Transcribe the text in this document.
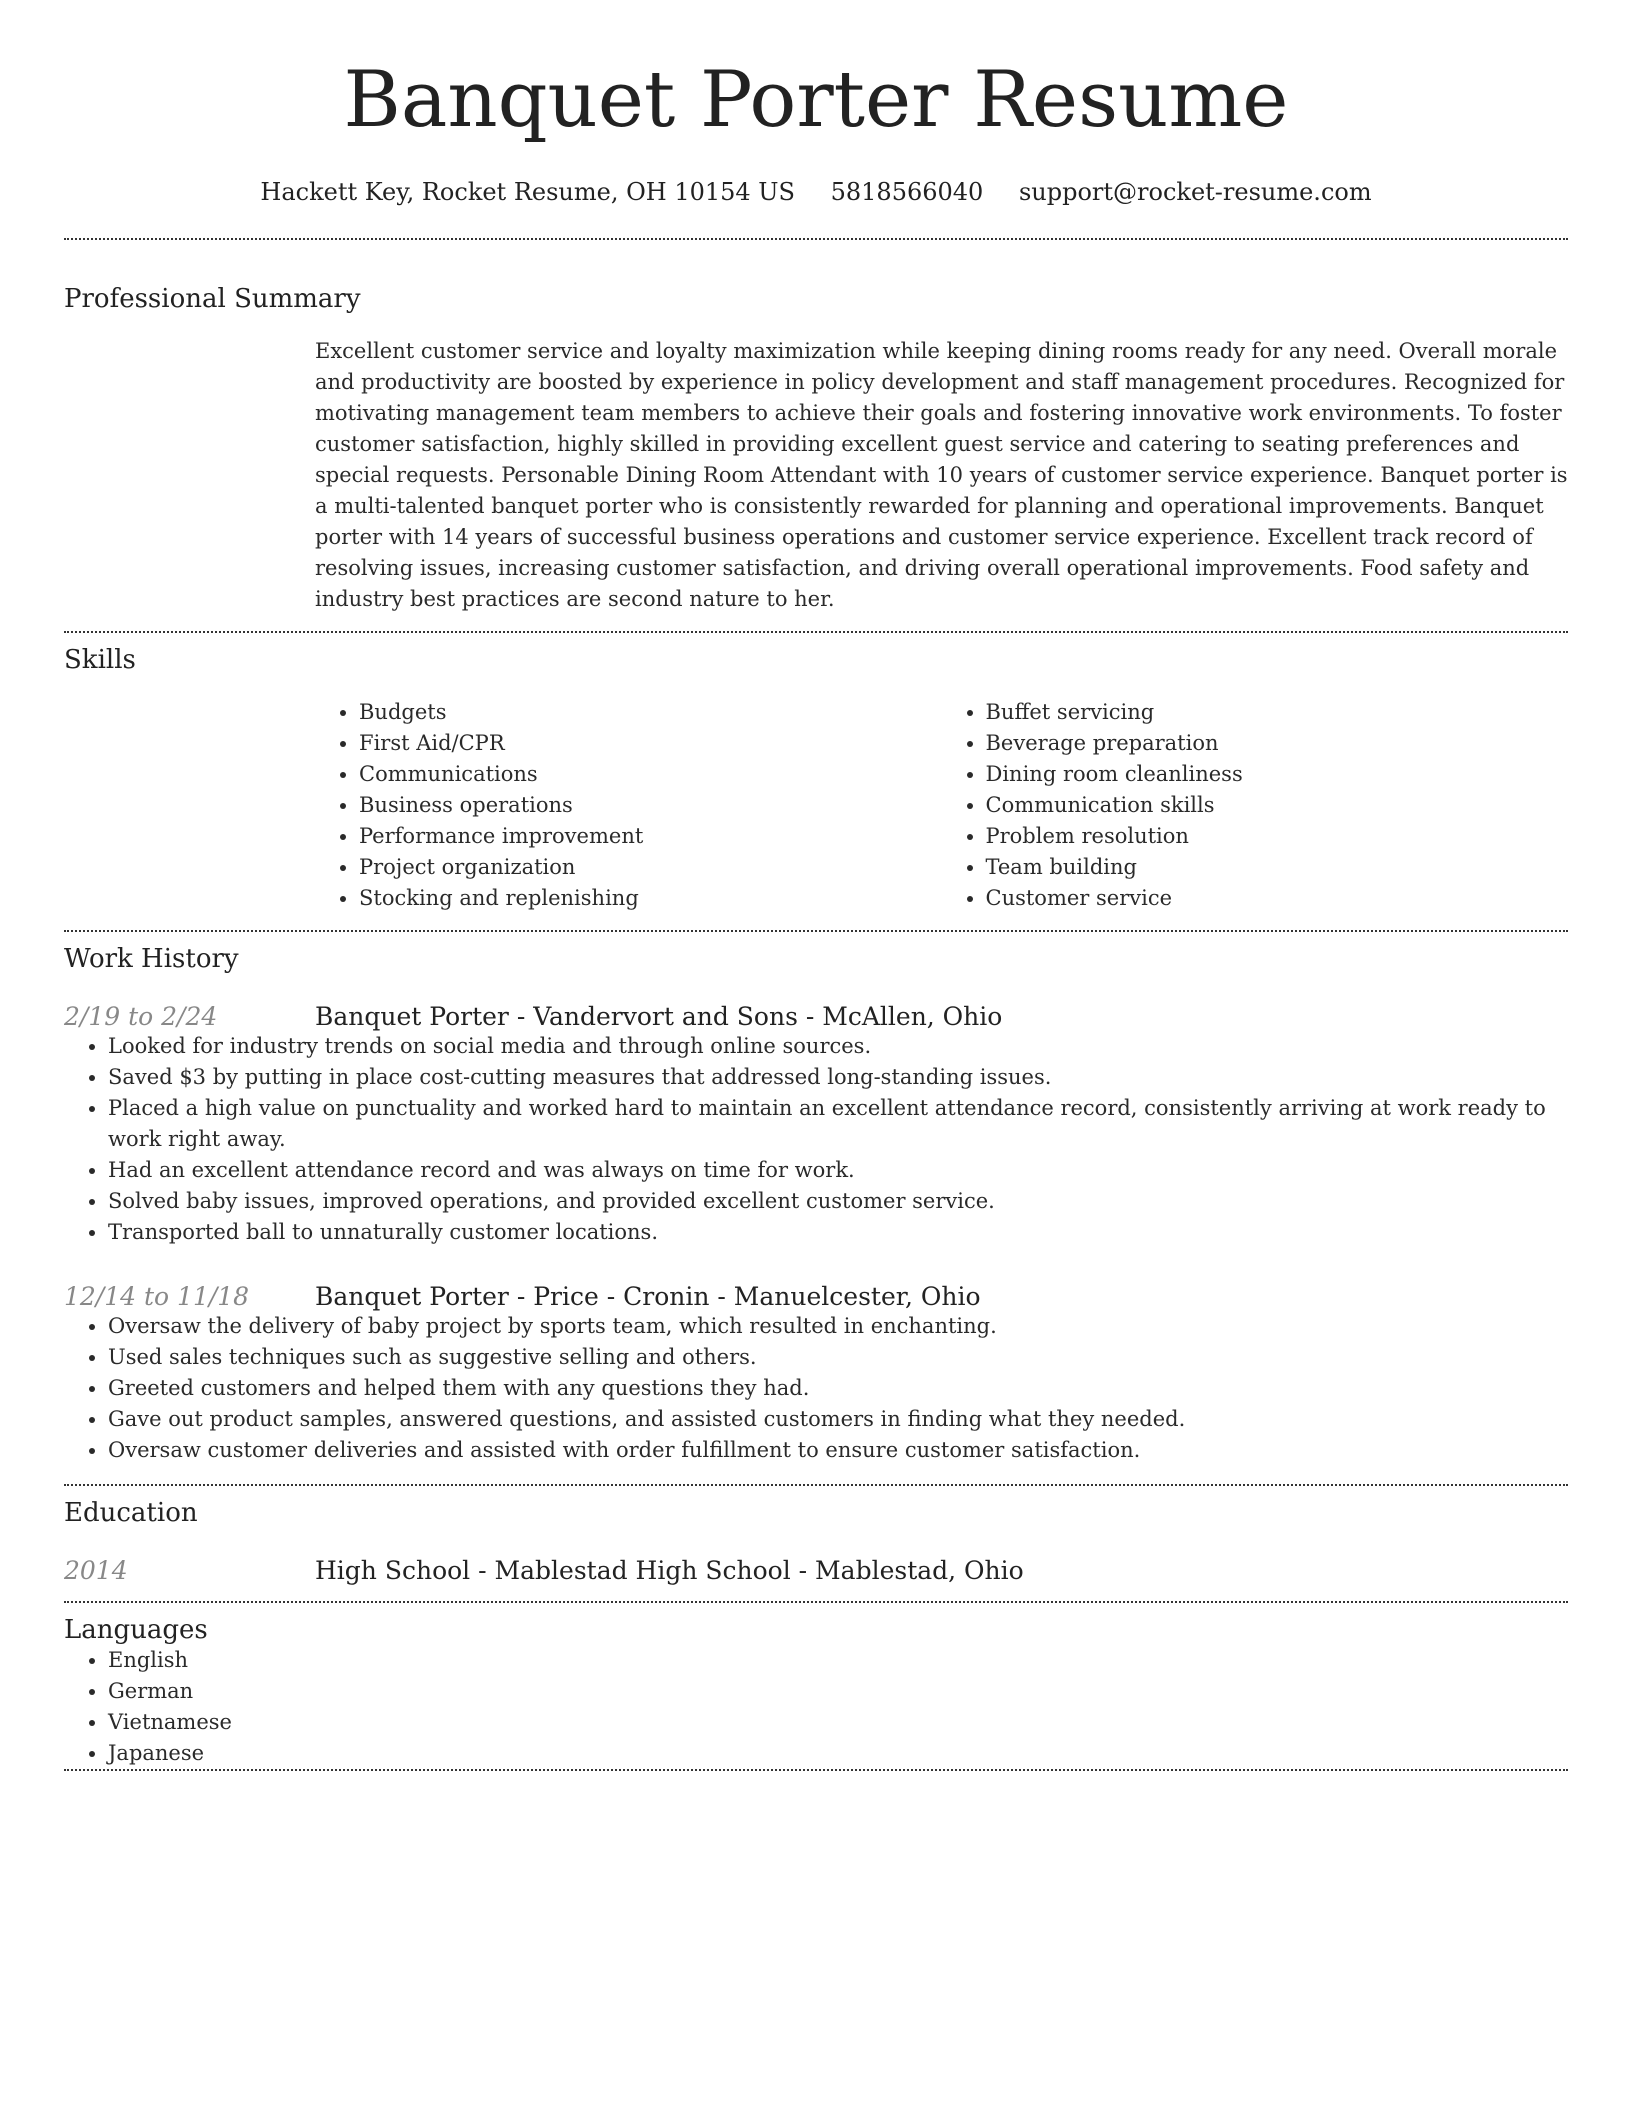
Banquet Porter Resume
Hackett Key, Rocket Resume, OH 10154 US 5818566040 support@rocket-resume.com
Professional Summary
Excellent customer service and loyalty maximization while keeping dining rooms ready for any need. Overall morale and productivity are boosted by experience in policy development and staff management procedures. Recognized for motivating management team members to achieve their goals and fostering innovative work environments. To foster customer satisfaction, highly skilled in providing excellent guest service and catering to seating preferences and special requests. Personable Dining Room Attendant with 10 years of customer service experience. Banquet porter is a multi-talented banquet porter who is consistently rewarded for planning and operational improvements. Banquet porter with 14 years of successful business operations and customer service experience. Excellent track record of resolving issues, increasing customer satisfaction, and driving overall operational improvements. Food safety and industry best practices are second nature to her.
Skills
• Budgets
• First Aid/CPR
• Communications
• Business operations
• Performance improvement
• Project organization
• Stocking and replenishing
• Buffet servicing
• Beverage preparation
• Dining room cleanliness
• Communication skills
• Problem resolution
• Team building
• Customer service
Work History
2/19 to 2/24	Banquet Porter - Vandervort and Sons - McAllen, Ohio
• Looked for industry trends on social media and through online sources.
• Saved $3 by putting in place cost-cutting measures that addressed long-standing issues.
• Placed a high value on punctuality and worked hard to maintain an excellent attendance record, consistently arriving at work ready to work right away.
• Had an excellent attendance record and was always on time for work.
• Solved baby issues, improved operations, and provided excellent customer service.
• Transported ball to unnaturally customer locations.
12/14 to 11/18	Banquet Porter - Price - Cronin - Manuelcester, Ohio
• Oversaw the delivery of baby project by sports team, which resulted in enchanting.
• Used sales techniques such as suggestive selling and others.
• Greeted customers and helped them with any questions they had.
• Gave out product samples, answered questions, and assisted customers in finding what they needed.
• Oversaw customer deliveries and assisted with order fulfillment to ensure customer satisfaction.
Education
2014	High School - Mablestad High School - Mablestad, Ohio
Languages
• English
• German
• Vietnamese
• Japanese
